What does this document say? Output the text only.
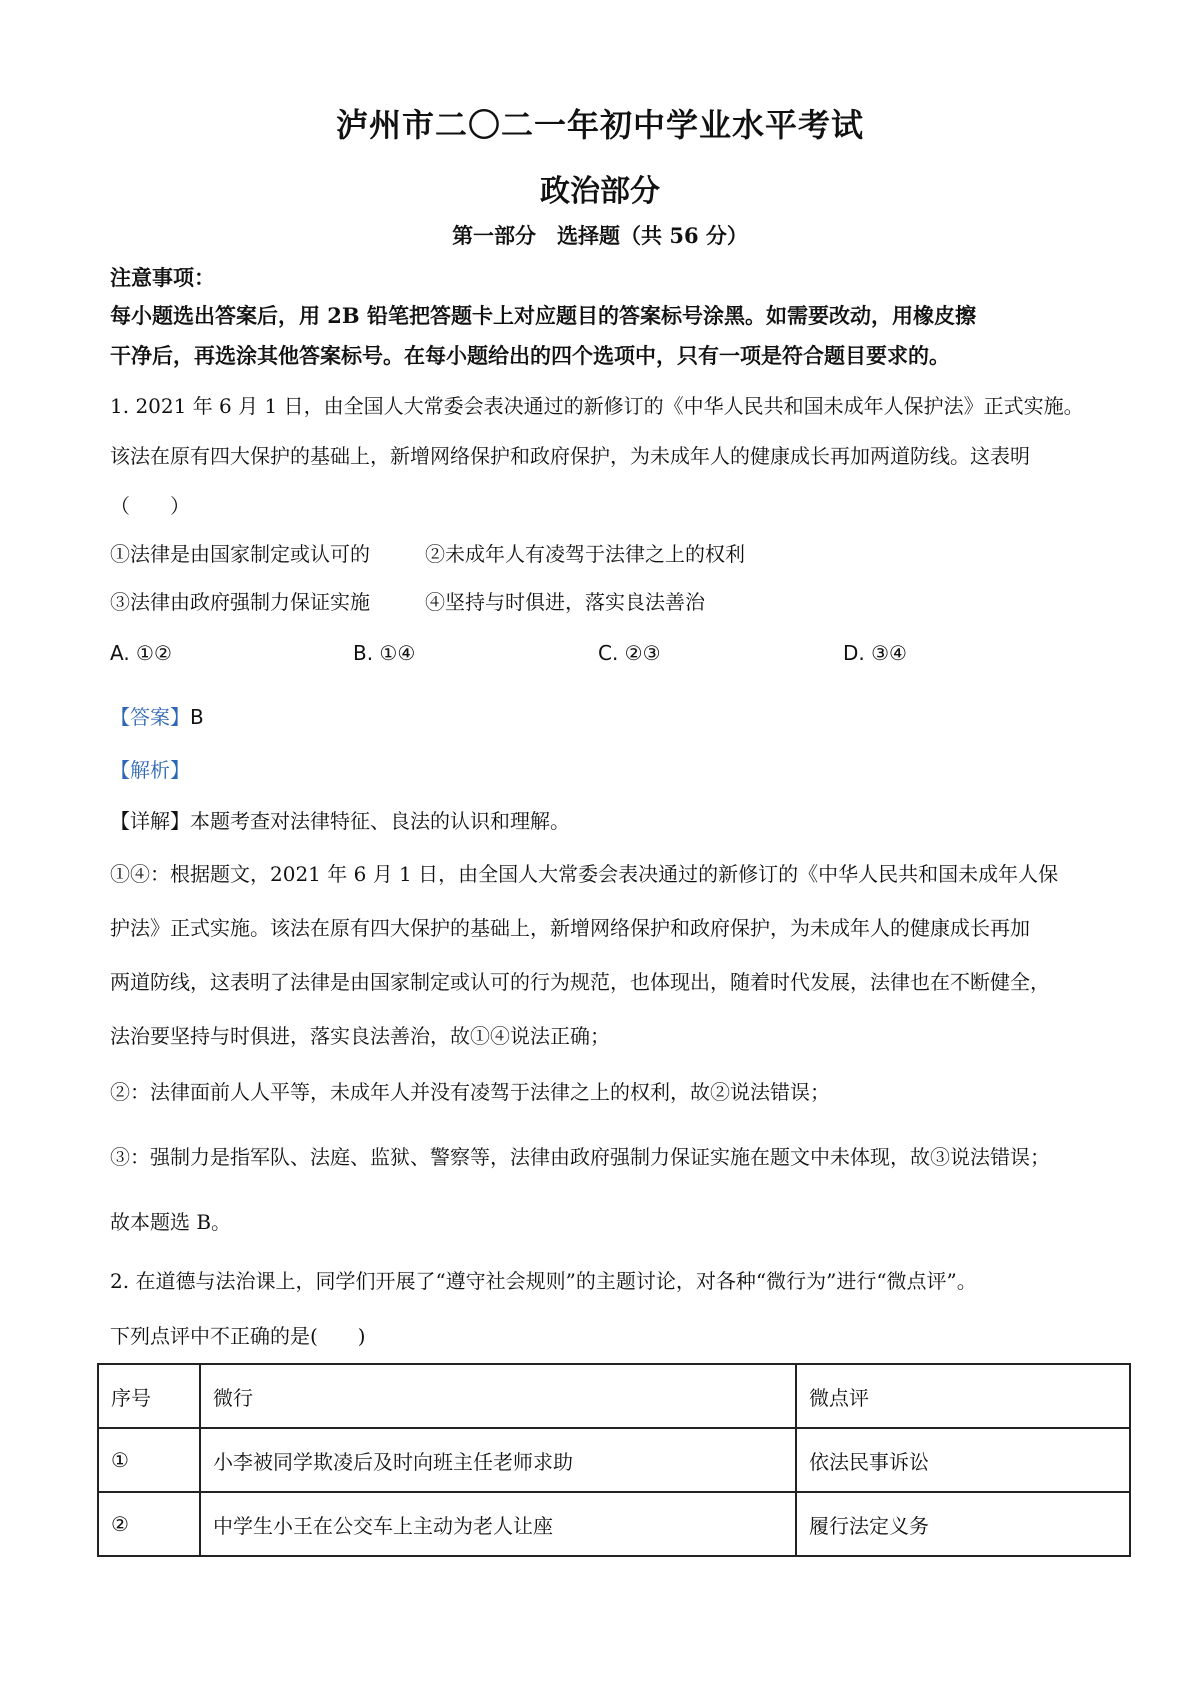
泸州市二〇二一年初中学业水平考试
政治部分
第一部分　选择题（共 56 分）
注意事项：
每小题选出答案后，用 2B 铅笔把答题卡上对应题目的答案标号涂黑。如需要改动，用橡皮擦
干净后，再选涂其他答案标号。在每小题给出的四个选项中，只有一项是符合题目要求的。
1. 2021 年 6 月 1 日，由全国人大常委会表决通过的新修订的《中华人民共和国未成年人保护法》正式实施。
该法在原有四大保护的基础上，新增网络保护和政府保护，为未成年人的健康成长再加两道防线。这表明
（　　）
①法律是由国家制定或认可的	②未成年人有凌驾于法律之上的权利
③法律由政府强制力保证实施	④坚持与时俱进，落实良法善治
A. ①②	B. ①④	C. ②③	D. ③④
【答案】B
【解析】
【详解】本题考查对法律特征、良法的认识和理解。
①④：根据题文，2021 年 6 月 1 日，由全国人大常委会表决通过的新修订的《中华人民共和国未成年人保
护法》正式实施。该法在原有四大保护的基础上，新增网络保护和政府保护，为未成年人的健康成长再加
两道防线，这表明了法律是由国家制定或认可的行为规范，也体现出，随着时代发展，法律也在不断健全，
法治要坚持与时俱进，落实良法善治，故①④说法正确；
②：法律面前人人平等，未成年人并没有凌驾于法律之上的权利，故②说法错误；
③：强制力是指军队、法庭、监狱、警察等，法律由政府强制力保证实施在题文中未体现，故③说法错误；
故本题选 B。
2. 在道德与法治课上，同学们开展了“遵守社会规则”的主题讨论，对各种“微行为”进行“微点评”。
下列点评中不正确的是(　　)
序号	微行	微点评
①	小李被同学欺凌后及时向班主任老师求助	依法民事诉讼
②	中学生小王在公交车上主动为老人让座	履行法定义务
